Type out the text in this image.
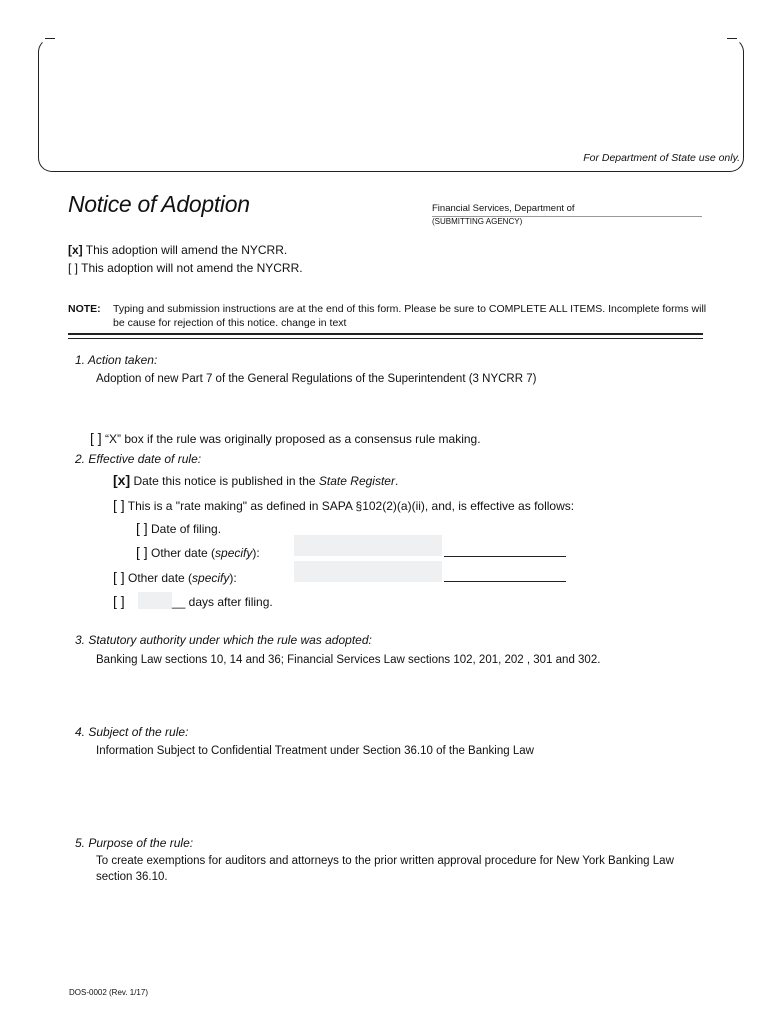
For Department of State use only.
Notice of Adoption	Financial Services, Department of
(SUBMITTING AGENCY)
[x] This adoption will amend the NYCRR.
[ ] This adoption will not amend the NYCRR.
NOTE: Typing and submission instructions are at the end of this form. Please be sure to COMPLETE ALL ITEMS. Incomplete forms will be cause for rejection of this notice. change in text
1. Action taken:
Adoption of new Part 7 of the General Regulations of the Superintendent (3 NYCRR 7)
[ ] “X” box if the rule was originally proposed as a consensus rule making.
2. Effective date of rule:
[x] Date this notice is published in the State Register.
[ ] This is a "rate making" as defined in SAPA §102(2)(a)(ii), and, is effective as follows:
[ ] Date of filing.
[ ] Other date (specify):
[ ] Other date (specify):
[ ]	__ days after filing.
3. Statutory authority under which the rule was adopted:
Banking Law sections 10, 14 and 36; Financial Services Law sections 102, 201, 202 , 301 and 302.
4. Subject of the rule:
Information Subject to Confidential Treatment under Section 36.10 of the Banking Law
5. Purpose of the rule:
To create exemptions for auditors and attorneys to the prior written approval procedure for New York Banking Law section 36.10.
DOS-0002 (Rev. 1/17)
